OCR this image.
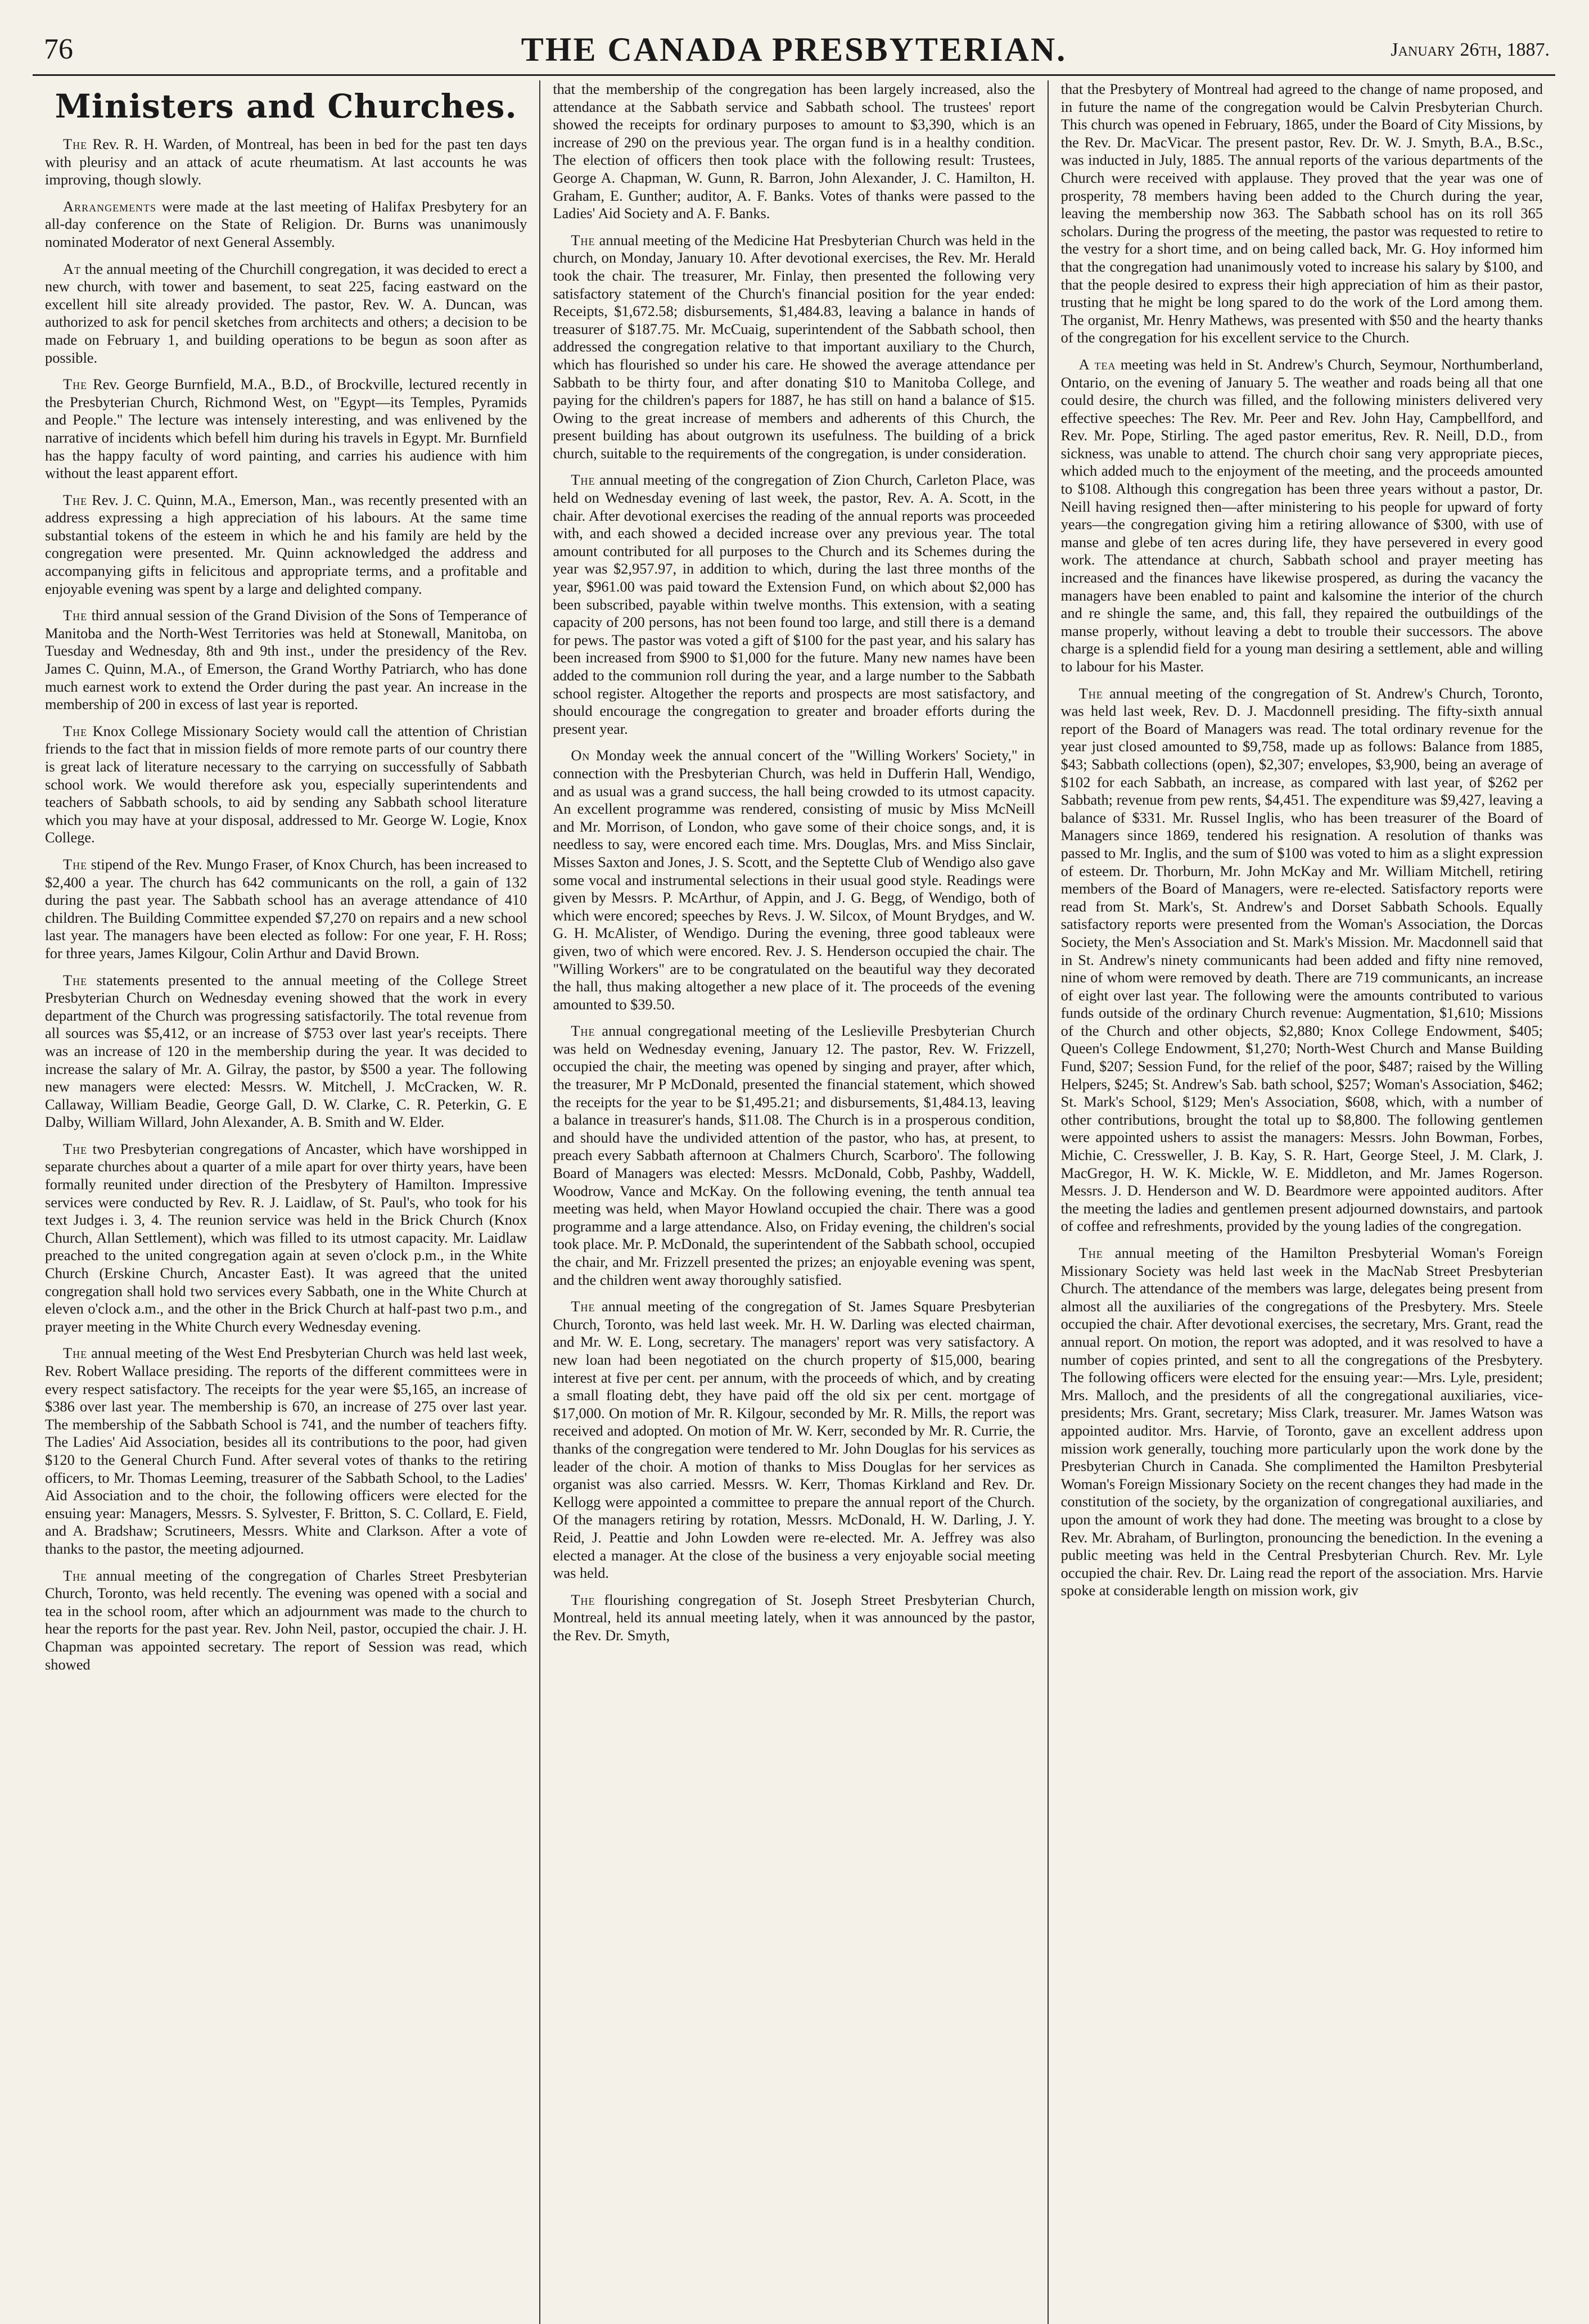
76	THE CANADA PRESBYTERIAN.	January 26th, 1887.
Ministers and Churches.

The Rev. R. H. Warden, of Montreal, has been in bed for the past ten days with pleurisy and an attack of acute rheumatism. At last accounts he was improving, though slowly.

Arrangements were made at the last meeting of Halifax Presbytery for an all-day conference on the State of Religion. Dr. Burns was unanimously nominated Moderator of next General Assembly.

At the annual meeting of the Churchill congregation, it was decided to erect a new church, with tower and basement, to seat 225, facing eastward on the excellent hill site already provided. The pastor, Rev. W. A. Duncan, was authorized to ask for pencil sketches from architects and others; a decision to be made on February 1, and building operations to be begun as soon after as possible.

The Rev. George Burnfield, M.A., B.D., of Brockville, lectured recently in the Presbyterian Church, Richmond West, on "Egypt—its Temples, Pyramids and People." The lecture was intensely interesting, and was enlivened by the narrative of incidents which befell him during his travels in Egypt. Mr. Burnfield has the happy faculty of word painting, and carries his audience with him without the least apparent effort.

The Rev. J. C. Quinn, M.A., Emerson, Man., was recently presented with an address expressing a high appreciation of his labours. At the same time substantial tokens of the esteem in which he and his family are held by the congregation were presented. Mr. Quinn acknowledged the address and accompanying gifts in felicitous and appropriate terms, and a profitable and enjoyable evening was spent by a large and delighted company.

The third annual session of the Grand Division of the Sons of Temperance of Manitoba and the North-West Territories was held at Stonewall, Manitoba, on Tuesday and Wednesday, 8th and 9th inst., under the presidency of the Rev. James C. Quinn, M.A., of Emerson, the Grand Worthy Patriarch, who has done much earnest work to extend the Order during the past year. An increase in the membership of 200 in excess of last year is reported.

The Knox College Missionary Society would call the attention of Christian friends to the fact that in mission fields of more remote parts of our country there is great lack of literature necessary to the carrying on successfully of Sabbath school work. We would therefore ask you, especially superintendents and teachers of Sabbath schools, to aid by sending any Sabbath school literature which you may have at your disposal, addressed to Mr. George W. Logie, Knox College.

The stipend of the Rev. Mungo Fraser, of Knox Church, has been increased to $2,400 a year. The church has 642 communicants on the roll, a gain of 132 during the past year. The Sabbath school has an average attendance of 410 children. The Building Committee expended $7,270 on repairs and a new school last year. The managers have been elected as follow: For one year, F. H. Ross; for three years, James Kilgour, Colin Arthur and David Brown.

The statements presented to the annual meeting of the College Street Presbyterian Church on Wednesday evening showed that the work in every department of the Church was progressing satisfactorily. The total revenue from all sources was $5,412, or an increase of $753 over last year's receipts. There was an increase of 120 in the membership during the year. It was decided to increase the salary of Mr. A. Gilray, the pastor, by $500 a year. The following new managers were elected: Messrs. W. Mitchell, J. McCracken, W. R. Callaway, William Beadie, George Gall, D. W. Clarke, C. R. Peterkin, G. E Dalby, William Willard, John Alexander, A. B. Smith and W. Elder.

The two Presbyterian congregations of Ancaster, which have worshipped in separate churches about a quarter of a mile apart for over thirty years, have been formally reunited under direction of the Presbytery of Hamilton. Impressive services were conducted by Rev. R. J. Laidlaw, of St. Paul's, who took for his text Judges i. 3, 4. The reunion service was held in the Brick Church (Knox Church, Allan Settlement), which was filled to its utmost capacity. Mr. Laidlaw preached to the united congregation again at seven o'clock p.m., in the White Church (Erskine Church, Ancaster East). It was agreed that the united congregation shall hold two services every Sabbath, one in the White Church at eleven o'clock a.m., and the other in the Brick Church at half-past two p.m., and prayer meeting in the White Church every Wednesday evening.

The annual meeting of the West End Presbyterian Church was held last week, Rev. Robert Wallace presiding. The reports of the different committees were in every respect satisfactory. The receipts for the year were $5,165, an increase of $386 over last year. The membership is 670, an increase of 275 over last year. The membership of the Sabbath School is 741, and the number of teachers fifty. The Ladies' Aid Association, besides all its contributions to the poor, had given $120 to the General Church Fund. After several votes of thanks to the retiring officers, to Mr. Thomas Leeming, treasurer of the Sabbath School, to the Ladies' Aid Association and to the choir, the following officers were elected for the ensuing year: Managers, Messrs. S. Sylvester, F. Britton, S. C. Collard, E. Field, and A. Bradshaw; Scrutineers, Messrs. White and Clarkson. After a vote of thanks to the pastor, the meeting adjourned.

The annual meeting of the congregation of Charles Street Presbyterian Church, Toronto, was held recently. The evening was opened with a social and tea in the school room, after which an adjournment was made to the church to hear the reports for the past year. Rev. John Neil, pastor, occupied the chair. J. H. Chapman was appointed secretary. The report of Session was read, which showed

that the membership of the congregation has been largely increased, also the attendance at the Sabbath service and Sabbath school. The trustees' report showed the receipts for ordinary purposes to amount to $3,390, which is an increase of 290 on the previous year. The organ fund is in a healthy condition. The election of officers then took place with the following result: Trustees, George A. Chapman, W. Gunn, R. Barron, John Alexander, J. C. Hamilton, H. Graham, E. Gunther; auditor, A. F. Banks. Votes of thanks were passed to the Ladies' Aid Society and A. F. Banks.

The annual meeting of the Medicine Hat Presbyterian Church was held in the church, on Monday, January 10. After devotional exercises, the Rev. Mr. Herald took the chair. The treasurer, Mr. Finlay, then presented the following very satisfactory statement of the Church's financial position for the year ended: Receipts, $1,672.58; disbursements, $1,484.83, leaving a balance in hands of treasurer of $187.75. Mr. McCuaig, superintendent of the Sabbath school, then addressed the congregation relative to that important auxiliary to the Church, which has flourished so under his care. He showed the average attendance per Sabbath to be thirty four, and after donating $10 to Manitoba College, and paying for the children's papers for 1887, he has still on hand a balance of $15. Owing to the great increase of members and adherents of this Church, the present building has about outgrown its usefulness. The building of a brick church, suitable to the requirements of the congregation, is under consideration.

The annual meeting of the congregation of Zion Church, Carleton Place, was held on Wednesday evening of last week, the pastor, Rev. A. A. Scott, in the chair. After devotional exercises the reading of the annual reports was proceeded with, and each showed a decided increase over any previous year. The total amount contributed for all purposes to the Church and its Schemes during the year was $2,957.97, in addition to which, during the last three months of the year, $961.00 was paid toward the Extension Fund, on which about $2,000 has been subscribed, payable within twelve months. This extension, with a seating capacity of 200 persons, has not been found too large, and still there is a demand for pews. The pastor was voted a gift of $100 for the past year, and his salary has been increased from $900 to $1,000 for the future. Many new names have been added to the communion roll during the year, and a large number to the Sabbath school register. Altogether the reports and prospects are most satisfactory, and should encourage the congregation to greater and broader efforts during the present year.

On Monday week the annual concert of the "Willing Workers' Society," in connection with the Presbyterian Church, was held in Dufferin Hall, Wendigo, and as usual was a grand success, the hall being crowded to its utmost capacity. An excellent programme was rendered, consisting of music by Miss McNeill and Mr. Morrison, of London, who gave some of their choice songs, and, it is needless to say, were encored each time. Mrs. Douglas, Mrs. and Miss Sinclair, Misses Saxton and Jones, J. S. Scott, and the Septette Club of Wendigo also gave some vocal and instrumental selections in their usual good style. Readings were given by Messrs. P. McArthur, of Appin, and J. G. Begg, of Wendigo, both of which were encored; speeches by Revs. J. W. Silcox, of Mount Brydges, and W. G. H. McAlister, of Wendigo. During the evening, three good tableaux were given, two of which were encored. Rev. J. S. Henderson occupied the chair. The "Willing Workers" are to be congratulated on the beautiful way they decorated the hall, thus making altogether a new place of it. The proceeds of the evening amounted to $39.50.

The annual congregational meeting of the Leslieville Presbyterian Church was held on Wednesday evening, January 12. The pastor, Rev. W. Frizzell, occupied the chair, the meeting was opened by singing and prayer, after which, the treasurer, Mr P McDonald, presented the financial statement, which showed the receipts for the year to be $1,495.21; and disbursements, $1,484.13, leaving a balance in treasurer's hands, $11.08. The Church is in a prosperous condition, and should have the undivided attention of the pastor, who has, at present, to preach every Sabbath afternoon at Chalmers Church, Scarboro'. The following Board of Managers was elected: Messrs. McDonald, Cobb, Pashby, Waddell, Woodrow, Vance and McKay. On the following evening, the tenth annual tea meeting was held, when Mayor Howland occupied the chair. There was a good programme and a large attendance. Also, on Friday evening, the children's social took place. Mr. P. McDonald, the superintendent of the Sabbath school, occupied the chair, and Mr. Frizzell presented the prizes; an enjoyable evening was spent, and the children went away thoroughly satisfied.

The annual meeting of the congregation of St. James Square Presbyterian Church, Toronto, was held last week. Mr. H. W. Darling was elected chairman, and Mr. W. E. Long, secretary. The managers' report was very satisfactory. A new loan had been negotiated on the church property of $15,000, bearing interest at five per cent. per annum, with the proceeds of which, and by creating a small floating debt, they have paid off the old six per cent. mortgage of $17,000. On motion of Mr. R. Kilgour, seconded by Mr. R. Mills, the report was received and adopted. On motion of Mr. W. Kerr, seconded by Mr. R. Currie, the thanks of the congregation were tendered to Mr. John Douglas for his services as leader of the choir. A motion of thanks to Miss Douglas for her services as organist was also carried. Messrs. W. Kerr, Thomas Kirkland and Rev. Dr. Kellogg were appointed a committee to prepare the annual report of the Church. Of the managers retiring by rotation, Messrs. McDonald, H. W. Darling, J. Y. Reid, J. Peattie and John Lowden were re-elected. Mr. A. Jeffrey was also elected a manager. At the close of the business a very enjoyable social meeting was held.

The flourishing congregation of St. Joseph Street Presbyterian Church, Montreal, held its annual meeting lately, when it was announced by the pastor, the Rev. Dr. Smyth,

that the Presbytery of Montreal had agreed to the change of name proposed, and in future the name of the congregation would be Calvin Presbyterian Church. This church was opened in February, 1865, under the Board of City Missions, by the Rev. Dr. MacVicar. The present pastor, Rev. Dr. W. J. Smyth, B.A., B.Sc., was inducted in July, 1885. The annual reports of the various departments of the Church were received with applause. They proved that the year was one of prosperity, 78 members having been added to the Church during the year, leaving the membership now 363. The Sabbath school has on its roll 365 scholars. During the progress of the meeting, the pastor was requested to retire to the vestry for a short time, and on being called back, Mr. G. Hoy informed him that the congregation had unanimously voted to increase his salary by $100, and that the people desired to express their high appreciation of him as their pastor, trusting that he might be long spared to do the work of the Lord among them. The organist, Mr. Henry Mathews, was presented with $50 and the hearty thanks of the congregation for his excellent service to the Church.

A tea meeting was held in St. Andrew's Church, Seymour, Northumberland, Ontario, on the evening of January 5. The weather and roads being all that one could desire, the church was filled, and the following ministers delivered very effective speeches: The Rev. Mr. Peer and Rev. John Hay, Campbellford, and Rev. Mr. Pope, Stirling. The aged pastor emeritus, Rev. R. Neill, D.D., from sickness, was unable to attend. The church choir sang very appropriate pieces, which added much to the enjoyment of the meeting, and the proceeds amounted to $108. Although this congregation has been three years without a pastor, Dr. Neill having resigned then—after ministering to his people for upward of forty years—the congregation giving him a retiring allowance of $300, with use of manse and glebe of ten acres during life, they have persevered in every good work. The attendance at church, Sabbath school and prayer meeting has increased and the finances have likewise prospered, as during the vacancy the managers have been enabled to paint and kalsomine the interior of the church and re shingle the same, and, this fall, they repaired the outbuildings of the manse properly, without leaving a debt to trouble their successors. The above charge is a splendid field for a young man desiring a settlement, able and willing to labour for his Master.

The annual meeting of the congregation of St. Andrew's Church, Toronto, was held last week, Rev. D. J. Macdonnell presiding. The fifty-sixth annual report of the Board of Managers was read. The total ordinary revenue for the year just closed amounted to $9,758, made up as follows: Balance from 1885, $43; Sabbath collections (open), $2,307; envelopes, $3,900, being an average of $102 for each Sabbath, an increase, as compared with last year, of $262 per Sabbath; revenue from pew rents, $4,451. The expenditure was $9,427, leaving a balance of $331. Mr. Russel Inglis, who has been treasurer of the Board of Managers since 1869, tendered his resignation. A resolution of thanks was passed to Mr. Inglis, and the sum of $100 was voted to him as a slight expression of esteem. Dr. Thorburn, Mr. John McKay and Mr. William Mitchell, retiring members of the Board of Managers, were re-elected. Satisfactory reports were read from St. Mark's, St. Andrew's and Dorset Sabbath Schools. Equally satisfactory reports were presented from the Woman's Association, the Dorcas Society, the Men's Association and St. Mark's Mission. Mr. Macdonnell said that in St. Andrew's ninety communicants had been added and fifty nine removed, nine of whom were removed by death. There are 719 communicants, an increase of eight over last year. The following were the amounts contributed to various funds outside of the ordinary Church revenue: Augmentation, $1,610; Missions of the Church and other objects, $2,880; Knox College Endowment, $405; Queen's College Endowment, $1,270; North-West Church and Manse Building Fund, $207; Session Fund, for the relief of the poor, $487; raised by the Willing Helpers, $245; St. Andrew's Sab. bath school, $257; Woman's Association, $462; St. Mark's School, $129; Men's Association, $608, which, with a number of other contributions, brought the total up to $8,800. The following gentlemen were appointed ushers to assist the managers: Messrs. John Bowman, Forbes, Michie, C. Cressweller, J. B. Kay, S. R. Hart, George Steel, J. M. Clark, J. MacGregor, H. W. K. Mickle, W. E. Middleton, and Mr. James Rogerson. Messrs. J. D. Henderson and W. D. Beardmore were appointed auditors. After the meeting the ladies and gentlemen present adjourned downstairs, and partook of coffee and refreshments, provided by the young ladies of the congregation.

The annual meeting of the Hamilton Presbyterial Woman's Foreign Missionary Society was held last week in the MacNab Street Presbyterian Church. The attendance of the members was large, delegates being present from almost all the auxiliaries of the congregations of the Presbytery. Mrs. Steele occupied the chair. After devotional exercises, the secretary, Mrs. Grant, read the annual report. On motion, the report was adopted, and it was resolved to have a number of copies printed, and sent to all the congregations of the Presbytery. The following officers were elected for the ensuing year:—Mrs. Lyle, president; Mrs. Malloch, and the presidents of all the congregational auxiliaries, vice-presidents; Mrs. Grant, secretary; Miss Clark, treasurer. Mr. James Watson was appointed auditor. Mrs. Harvie, of Toronto, gave an excellent address upon mission work generally, touching more particularly upon the work done by the Presbyterian Church in Canada. She complimented the Hamilton Presbyterial Woman's Foreign Missionary Society on the recent changes they had made in the constitution of the society, by the organization of congregational auxiliaries, and upon the amount of work they had done. The meeting was brought to a close by Rev. Mr. Abraham, of Burlington, pronouncing the benediction. In the evening a public meeting was held in the Central Presbyterian Church. Rev. Mr. Lyle occupied the chair. Rev. Dr. Laing read the report of the association. Mrs. Harvie spoke at considerable length on mission work, giv
